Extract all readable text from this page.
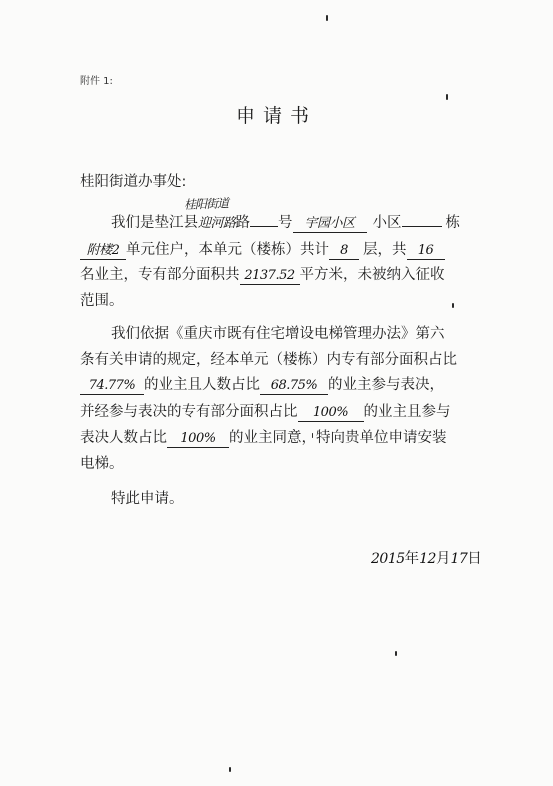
附件 1:
申请书
桂阳街道办事处:
桂阳街道
我们是垫江县迎河路路 号 宇园小区 小区	栋
附楼2 单元住户，本单元（楼栋）共计 8 层，共 16
名业主，专有部分面积共 2137.52 平方米，未被纳入征收
范围。
我们依据《重庆市既有住宅增设电梯管理办法》第六
条有关申请的规定，经本单元（楼栋）内专有部分面积占比
74.77% 的业主且人数占比 68.75% 的业主参与表决，
并经参与表决的专有部分面积占比 100% 的业主且参与
表决人数占比 100% 的业主同意，特向贵单位申请安装
电梯。
特此申请。
2015年12月17日
